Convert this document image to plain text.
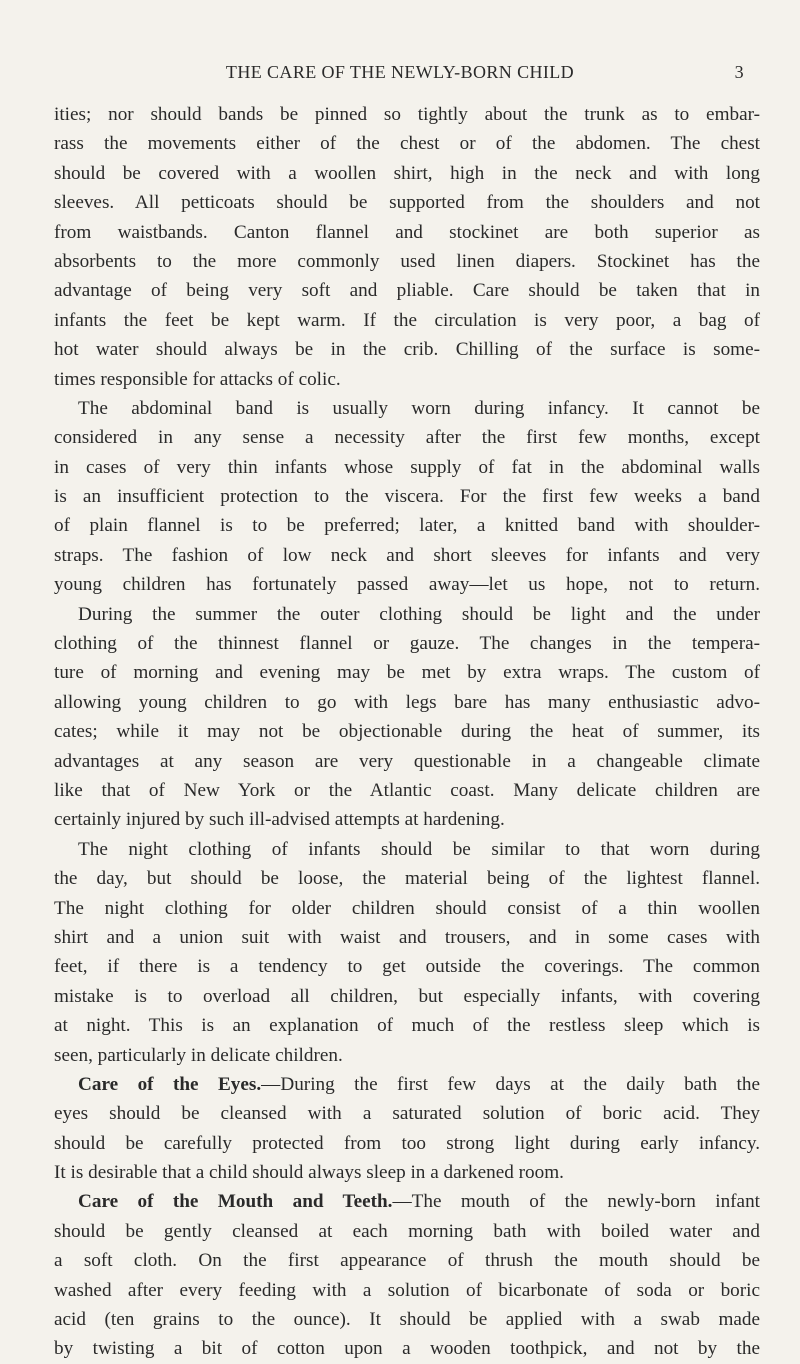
THE CARE OF THE NEWLY-BORN CHILD	3
ities; nor should bands be pinned so tightly about the trunk as to embar-
rass the movements either of the chest or of the abdomen. The chest
should be covered with a woollen shirt, high in the neck and with long
sleeves. All petticoats should be supported from the shoulders and not
from waistbands. Canton flannel and stockinet are both superior as
absorbents to the more commonly used linen diapers. Stockinet has the
advantage of being very soft and pliable. Care should be taken that in
infants the feet be kept warm. If the circulation is very poor, a bag of
hot water should always be in the crib. Chilling of the surface is some-
times responsible for attacks of colic.
The abdominal band is usually worn during infancy. It cannot be
considered in any sense a necessity after the first few months, except
in cases of very thin infants whose supply of fat in the abdominal walls
is an insufficient protection to the viscera. For the first few weeks a band
of plain flannel is to be preferred; later, a knitted band with shoulder-
straps. The fashion of low neck and short sleeves for infants and very
young children has fortunately passed away—let us hope, not to return.
During the summer the outer clothing should be light and the under
clothing of the thinnest flannel or gauze. The changes in the tempera-
ture of morning and evening may be met by extra wraps. The custom of
allowing young children to go with legs bare has many enthusiastic advo-
cates; while it may not be objectionable during the heat of summer, its
advantages at any season are very questionable in a changeable climate
like that of New York or the Atlantic coast. Many delicate children are
certainly injured by such ill-advised attempts at hardening.
The night clothing of infants should be similar to that worn during
the day, but should be loose, the material being of the lightest flannel.
The night clothing for older children should consist of a thin woollen
shirt and a union suit with waist and trousers, and in some cases with
feet, if there is a tendency to get outside the coverings. The common
mistake is to overload all children, but especially infants, with covering
at night. This is an explanation of much of the restless sleep which is
seen, particularly in delicate children.
Care of the Eyes.—During the first few days at the daily bath the
eyes should be cleansed with a saturated solution of boric acid. They
should be carefully protected from too strong light during early infancy.
It is desirable that a child should always sleep in a darkened room.
Care of the Mouth and Teeth.—The mouth of the newly-born infant
should be gently cleansed at each morning bath with boiled water and
a soft cloth. On the first appearance of thrush the mouth should be
washed after every feeding with a solution of bicarbonate of soda or boric
acid (ten grains to the ounce). It should be applied with a swab made
by twisting a bit of cotton upon a wooden toothpick, and not by the
